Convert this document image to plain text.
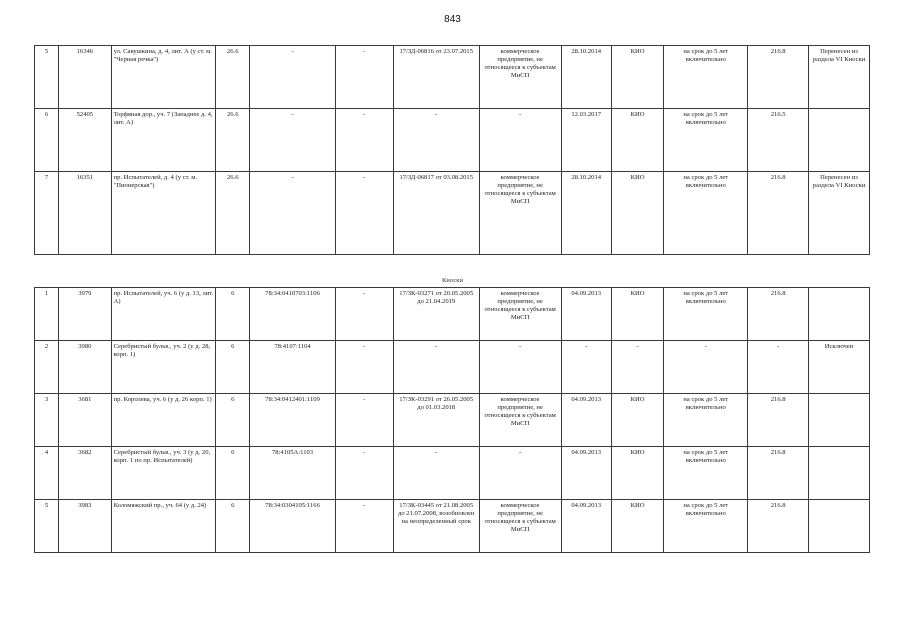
843
5	16346	ул. Савушкина, д. 4, лит. А (у ст. м. "Черная речка")	26.6	-	-	17/ЗД-06816 от 23.07.2015	коммерческое предприятие, не относящееся к субъектам МиСП	28.10.2014	КИО	на срок до 5 лет включительно	216.8	Перенесен из раздела VI Киоски
6	52405	Торфяная дор., уч. 7 (Западнее д. 4, лит. А)	26.6	-	-	-	-	12.03.2017	КИО	на срок до 5 лет включительно	216.5	
7	16351	пр. Испытателей, д. 4 (у ст. м. "Пионерская")	26.6	-	-	17/ЗД-06817 от 03.08.2015	коммерческое предприятие, не относящееся к субъектам МиСП	28.10.2014	КИО	на срок до 5 лет включительно	216.8	Перенесен из раздела VI Киоски
Киоски
1	3979	пр. Испытателей, уч. 6 (у д. 13, лит. А)	6	78:34:0410703:1106	-	17/ЗК-03271 от 20.05.2005 до 21.04.2019	коммерческое предприятие, не относящееся к субъектам МиСП	04.09.2013	КИО	на срок до 5 лет включительно	216.8	
2	3980	Серебристый бульв., уч. 2 (у д. 28, корп. 1)	6	78:4107:1104	-	-	-	-	-	-	-	Исключен
3	3681	пр. Королева, уч. 6 (у д. 26 корп. 1)	6	78:34:0412401:1109	-	17/ЗК-03291 от 26.05.2005 до 01.03.2018	коммерческое предприятие, не относящееся к субъектам МиСП	04.09.2013	КИО	на срок до 5 лет включительно	216.8	
4	3682	Серебристый бульв., уч. 3 (у д. 20, корп. 1 по пр. Испытателей)	6	78:4105А:1103	-	-	-	04.09.2013	КИО	на срок до 5 лет включительно	216.8	
5	3983	Коломяжский пр., уч. 64 (у д. 24)	6	78:34:0304105:1166	-	17/ЗК-03445 от 21.08.2005 до 21.07.2008, возобновлен на неопределенный срок	коммерческое предприятие, не относящееся к субъектам МиСП	04.09.2013	КИО	на срок до 5 лет включительно	216.8	
